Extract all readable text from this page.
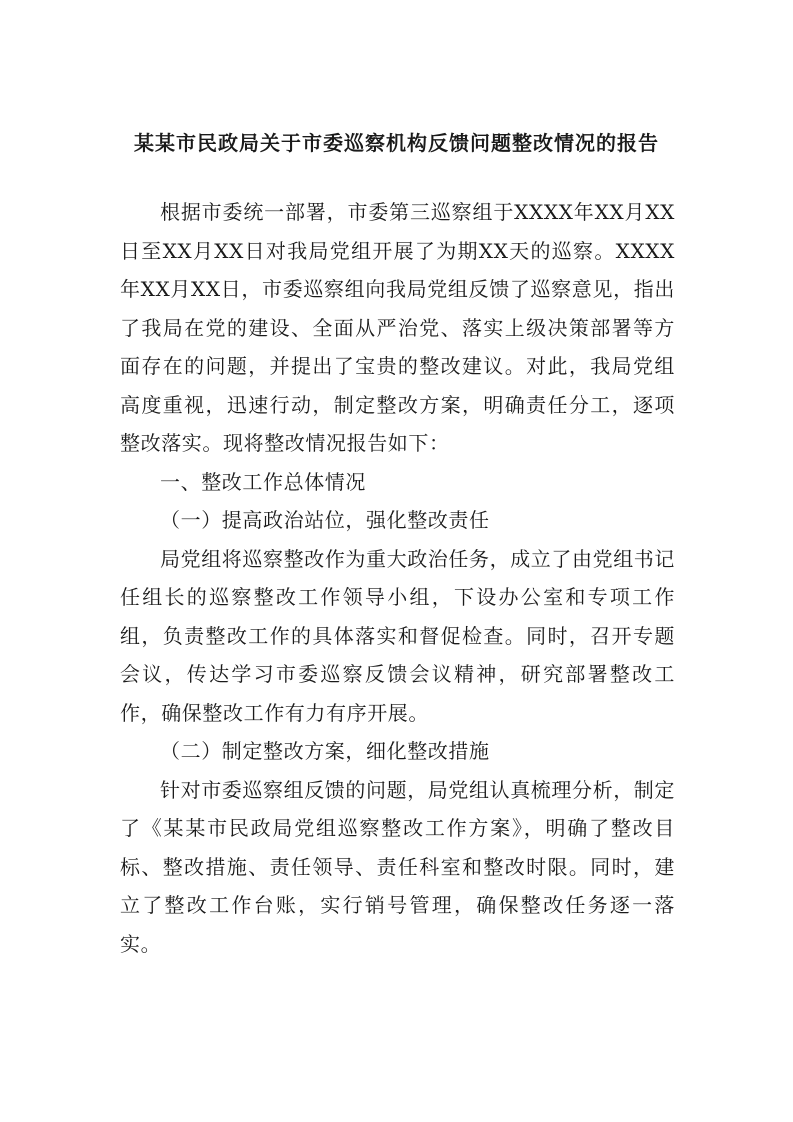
某某市民政局关于市委巡察机构反馈问题整改情况的报告

根据市委统一部署，市委第三巡察组于XXXX年XX月XX日至XX月XX日对我局党组开展了为期XX天的巡察。XXXX年XX月XX日，市委巡察组向我局党组反馈了巡察意见，指出了我局在党的建设、全面从严治党、落实上级决策部署等方面存在的问题，并提出了宝贵的整改建议。对此，我局党组高度重视，迅速行动，制定整改方案，明确责任分工，逐项整改落实。现将整改情况报告如下：

一、整改工作总体情况

（一）提高政治站位，强化整改责任

局党组将巡察整改作为重大政治任务，成立了由党组书记任组长的巡察整改工作领导小组，下设办公室和专项工作组，负责整改工作的具体落实和督促检查。同时，召开专题会议，传达学习市委巡察反馈会议精神，研究部署整改工作，确保整改工作有力有序开展。

（二）制定整改方案，细化整改措施

针对市委巡察组反馈的问题，局党组认真梳理分析，制定了《某某市民政局党组巡察整改工作方案》，明确了整改目标、整改措施、责任领导、责任科室和整改时限。同时，建立了整改工作台账，实行销号管理，确保整改任务逐一落实。
